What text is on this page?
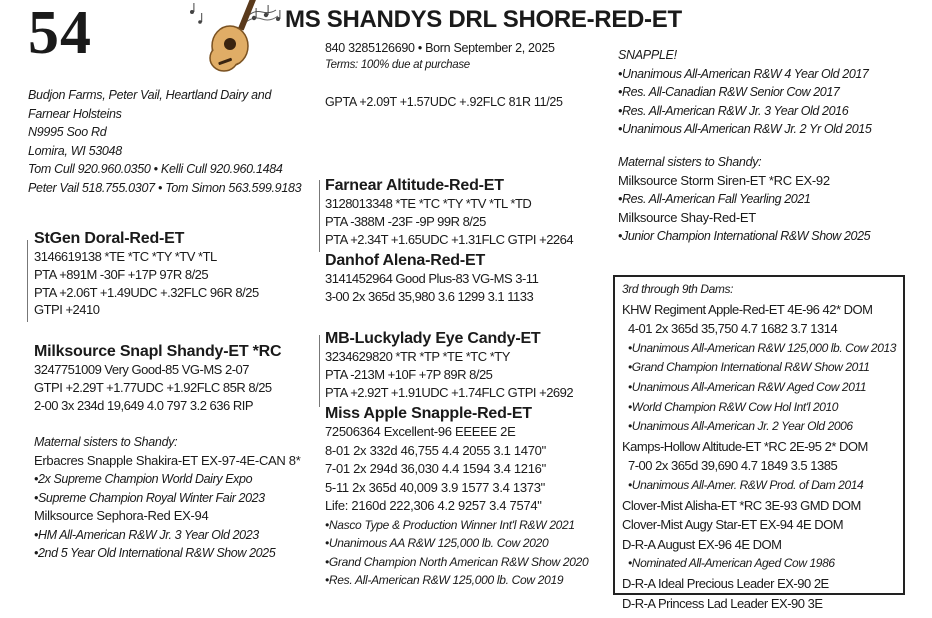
54	MS SHANDYS DRL SHORE-RED-ET
840 3285126690 • Born September 2, 2025
Terms: 100% due at purchase
GPTA +2.09T +1.57UDC +.92FLC 81R 11/25
Budjon Farms, Peter Vail, Heartland Dairy and
Farnear Holsteins
N9995 Soo Rd
Lomira, WI 53048
Tom Cull 920.960.0350 • Kelli Cull 920.960.1484
Peter Vail 518.755.0307 • Tom Simon 563.599.9183
StGen Doral-Red-ET
3146619138 *TE *TC *TY *TV *TL
PTA +891M -30F +17P 97R 8/25
PTA +2.06T +1.49UDC +.32FLC 96R 8/25
GTPI +2410
Milksource Snapl Shandy-ET *RC
3247751009 Very Good-85 VG-MS 2-07
GTPI +2.29T +1.77UDC +1.92FLC 85R 8/25
2-00 3x 234d 19,649 4.0 797 3.2 636 RIP
Maternal sisters to Shandy:
Erbacres Snapple Shakira-ET EX-97-4E-CAN 8*
•2x Supreme Champion World Dairy Expo
•Supreme Champion Royal Winter Fair 2023
Milksource Sephora-Red EX-94
•HM All-American R&W Jr. 3 Year Old 2023
•2nd 5 Year Old International R&W Show 2025
Farnear Altitude-Red-ET
3128013348 *TE *TC *TY *TV *TL *TD
PTA -388M -23F -9P 99R 8/25
PTA +2.34T +1.65UDC +1.31FLC GTPI +2264
Danhof Alena-Red-ET
3141452964 Good Plus-83 VG-MS 3-11
3-00 2x 365d 35,980 3.6 1299 3.1 1133
MB-Luckylady Eye Candy-ET
3234629820 *TR *TP *TE *TC *TY
PTA -213M +10F +7P 89R 8/25
PTA +2.92T +1.91UDC +1.74FLC GTPI +2692
Miss Apple Snapple-Red-ET
72506364 Excellent-96 EEEEE 2E
8-01 2x 332d 46,755 4.4 2055 3.1 1470"
7-01 2x 294d 36,030 4.4 1594 3.4 1216"
5-11 2x 365d 40,009 3.9 1577 3.4 1373"
Life: 2160d 222,306 4.2 9257 3.4 7574"
•Nasco Type & Production Winner Int'l R&W 2021
•Unanimous AA R&W 125,000 lb. Cow 2020
•Grand Champion North American R&W Show 2020
•Res. All-American R&W 125,000 lb. Cow 2019
SNAPPLE!
•Unanimous All-American R&W 4 Year Old 2017
•Res. All-Canadian R&W Senior Cow 2017
•Res. All-American R&W Jr. 3 Year Old 2016
•Unanimous All-American R&W Jr. 2 Yr Old 2015
Maternal sisters to Shandy:
Milksource Storm Siren-ET *RC EX-92
•Res. All-American Fall Yearling 2021
Milksource Shay-Red-ET
•Junior Champion International R&W Show 2025
3rd through 9th Dams:
KHW Regiment Apple-Red-ET 4E-96 42* DOM
4-01 2x 365d 35,750 4.7 1682 3.7 1314
•Unanimous All-American R&W 125,000 lb. Cow 2013
•Grand Champion International R&W Show 2011
•Unanimous All-American R&W Aged Cow 2011
•World Champion R&W Cow Hol Int'l 2010
•Unanimous All-American Jr. 2 Year Old 2006
Kamps-Hollow Altitude-ET *RC 2E-95 2* DOM
7-00 2x 365d 39,690 4.7 1849 3.5 1385
•Unanimous All-Amer. R&W Prod. of Dam 2014
Clover-Mist Alisha-ET *RC 3E-93 GMD DOM
Clover-Mist Augy Star-ET EX-94 4E DOM
D-R-A August EX-96 4E DOM
•Nominated All-American Aged Cow 1986
D-R-A Ideal Precious Leader EX-90 2E
D-R-A Princess Lad Leader EX-90 3E
